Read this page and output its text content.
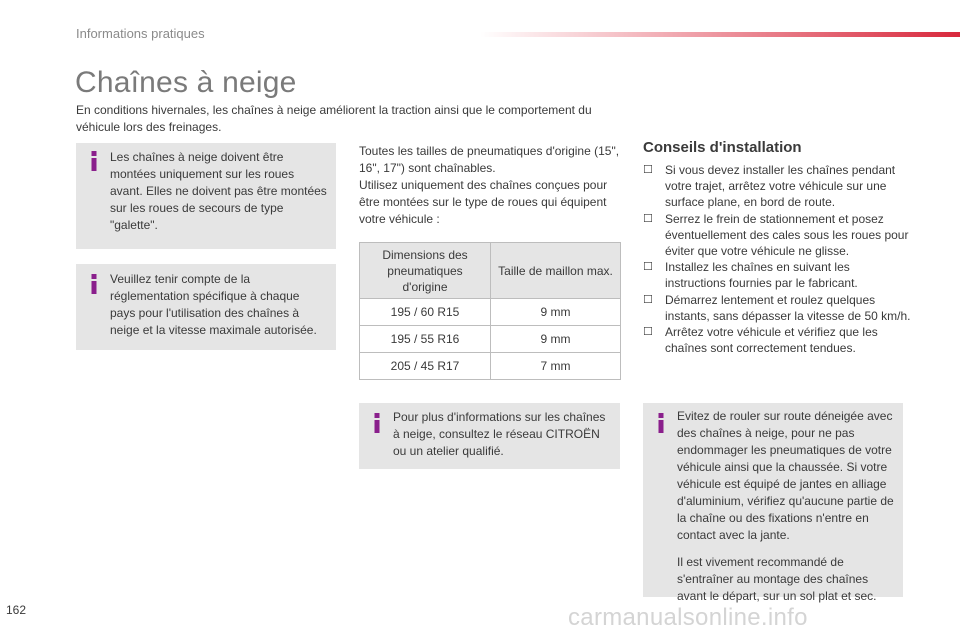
Informations pratiques
Chaînes à neige

En conditions hivernales, les chaînes à neige améliorent la traction ainsi que le comportement du véhicule lors des freinages.

Les chaînes à neige doivent être montées uniquement sur les roues avant. Elles ne doivent pas être montées sur les roues de secours de type "galette".

Veuillez tenir compte de la réglementation spécifique à chaque pays pour l'utilisation des chaînes à neige et la vitesse maximale autorisée.

Toutes les tailles de pneumatiques d'origine (15", 16", 17") sont chaînables.

Utilisez uniquement des chaînes conçues pour être montées sur le type de roues qui équipent votre véhicule :

Dimensions des pneumatiques d'origine	Taille de maillon max.
195 / 60 R15	9 mm
195 / 55 R16	9 mm
205 / 45 R17	7 mm

Pour plus d'informations sur les chaînes à neige, consultez le réseau CITROËN ou un atelier qualifié.

Conseils d'installation
☐ Si vous devez installer les chaînes pendant votre trajet, arrêtez votre véhicule sur une surface plane, en bord de route.
☐ Serrez le frein de stationnement et posez éventuellement des cales sous les roues pour éviter que votre véhicule ne glisse.
☐ Installez les chaînes en suivant les instructions fournies par le fabricant.
☐ Démarrez lentement et roulez quelques instants, sans dépasser la vitesse de 50 km/h.
☐ Arrêtez votre véhicule et vérifiez que les chaînes sont correctement tendues.

Evitez de rouler sur route déneigée avec des chaînes à neige, pour ne pas endommager les pneumatiques de votre véhicule ainsi que la chaussée. Si votre véhicule est équipé de jantes en alliage d'aluminium, vérifiez qu'aucune partie de la chaîne ou des fixations n'entre en contact avec la jante.

Il est vivement recommandé de s'entraîner au montage des chaînes avant le départ, sur un sol plat et sec.

162	carmanualsonline.info
